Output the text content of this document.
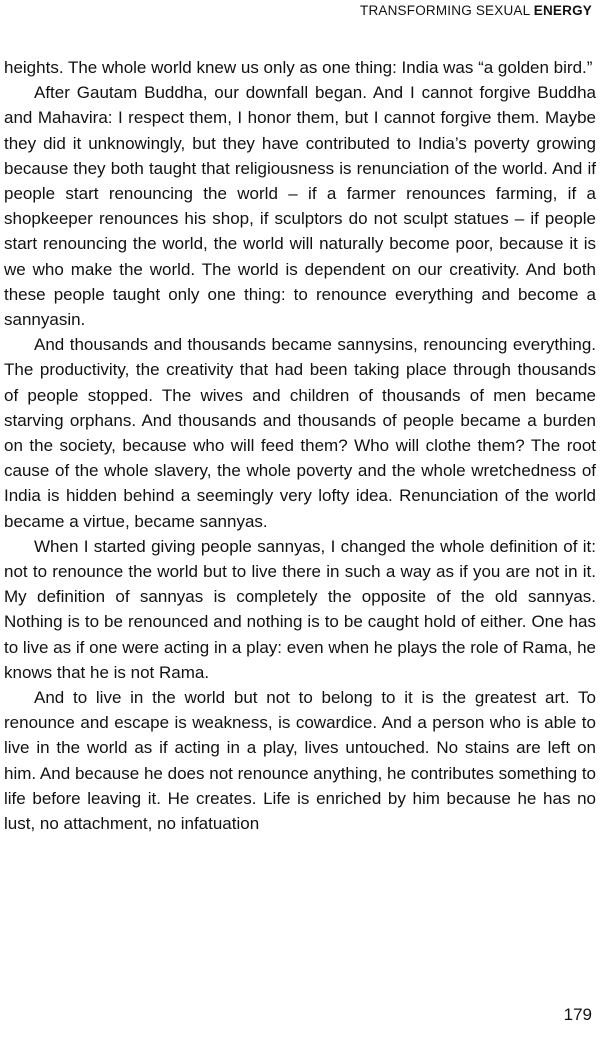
TRANSFORMING SEXUAL ENERGY

heights. The whole world knew us only as one thing: India was “a golden bird.”

After Gautam Buddha, our downfall began. And I cannot forgive Buddha and Mahavira: I respect them, I honor them, but I cannot forgive them. Maybe they did it unknowingly, but they have contributed to India’s poverty growing because they both taught that religiousness is renunciation of the world. And if people start renouncing the world – if a farmer renounces farming, if a shopkeeper renounces his shop, if sculptors do not sculpt statues – if people start renouncing the world, the world will naturally become poor, because it is we who make the world. The world is dependent on our creativity. And both these people taught only one thing: to renounce everything and become a sannyasin.

And thousands and thousands became sannysins, renouncing everything. The productivity, the creativity that had been taking place through thousands of people stopped. The wives and children of thousands of men became starving orphans. And thousands and thousands of people became a burden on the society, because who will feed them? Who will clothe them? The root cause of the whole slavery, the whole poverty and the whole wretchedness of India is hidden behind a seemingly very lofty idea. Renunciation of the world became a virtue, became sannyas.

When I started giving people sannyas, I changed the whole definition of it: not to renounce the world but to live there in such a way as if you are not in it. My definition of sannyas is completely the opposite of the old sannyas. Nothing is to be renounced and nothing is to be caught hold of either. One has to live as if one were acting in a play: even when he plays the role of Rama, he knows that he is not Rama.

And to live in the world but not to belong to it is the greatest art. To renounce and escape is weakness, is cowardice. And a person who is able to live in the world as if acting in a play, lives untouched. No stains are left on him. And because he does not renounce anything, he contributes something to life before leaving it. He creates. Life is enriched by him because he has no lust, no attachment, no infatuation

179
